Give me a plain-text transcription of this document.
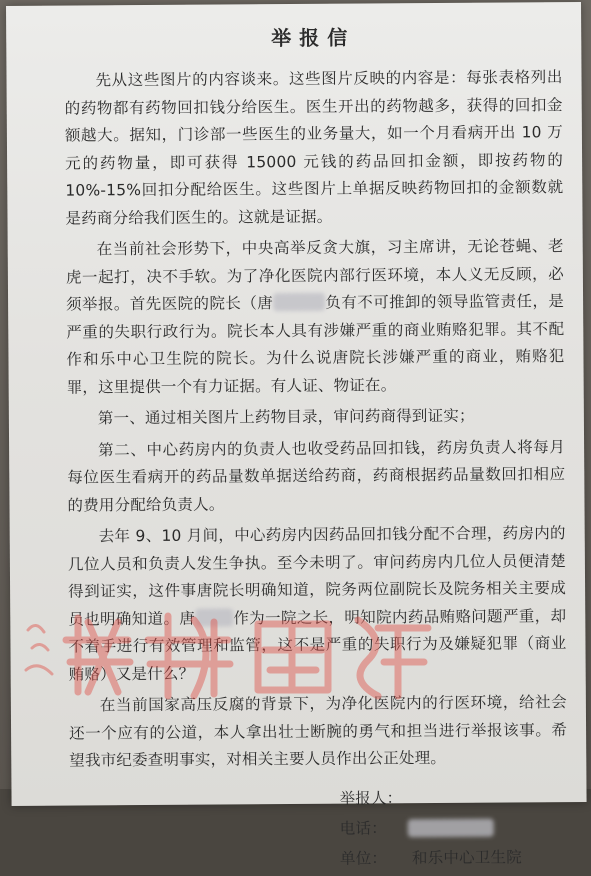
举报信

先从这些图片的内容谈来。这些图片反映的内容是：每张表格列出的药物都有药物回扣钱分给医生。医生开出的药物越多，获得的回扣金额越大。据知，门诊部一些医生的业务量大，如一个月看病开出 10 万元的药物量，即可获得 15000 元钱的药品回扣金额，即按药物的 10%-15%回扣分配给医生。这些图片上单据反映药物回扣的金额数就是药商分给我们医生的。这就是证据。

在当前社会形势下，中央高举反贪大旗，习主席讲，无论苍蝇、老虎一起打，决不手软。为了净化医院内部行医环境，本人义无反顾，必须举报。首先医院的院长（唐	负有不可推卸的领导监管责任，是严重的失职行政行为。院长本人具有涉嫌严重的商业贿赂犯罪。其不配作和乐中心卫生院的院长。为什么说唐院长涉嫌严重的商业，贿赂犯罪，这里提供一个有力证据。有人证、物证在。

第一、通过相关图片上药物目录，审问药商得到证实；

第二、中心药房内的负责人也收受药品回扣钱，药房负责人将每月每位医生看病开的药品量数单据送给药商，药商根据药品量数回扣相应的费用分配给负责人。

去年 9、10 月间，中心药房内因药品回扣钱分配不合理，药房内的几位人员和负责人发生争执。至今未明了。审问药房内几位人员便清楚得到证实，这件事唐院长明确知道，院务两位副院长及院务相关主要成员也明确知道。唐 作为一院之长，明知院内药品贿赂问题严重，却不着手进行有效管理和监管，这不是严重的失职行为及嫌疑犯罪（商业贿赂）又是什么？

在当前国家高压反腐的背景下，为净化医院内的行医环境，给社会还一个应有的公道，本人拿出壮士断腕的勇气和担当进行举报该事。希望我市纪委查明事实，对相关主要人员作出公正处理。

举报人：
电话：
单位：	和乐中心卫生院
